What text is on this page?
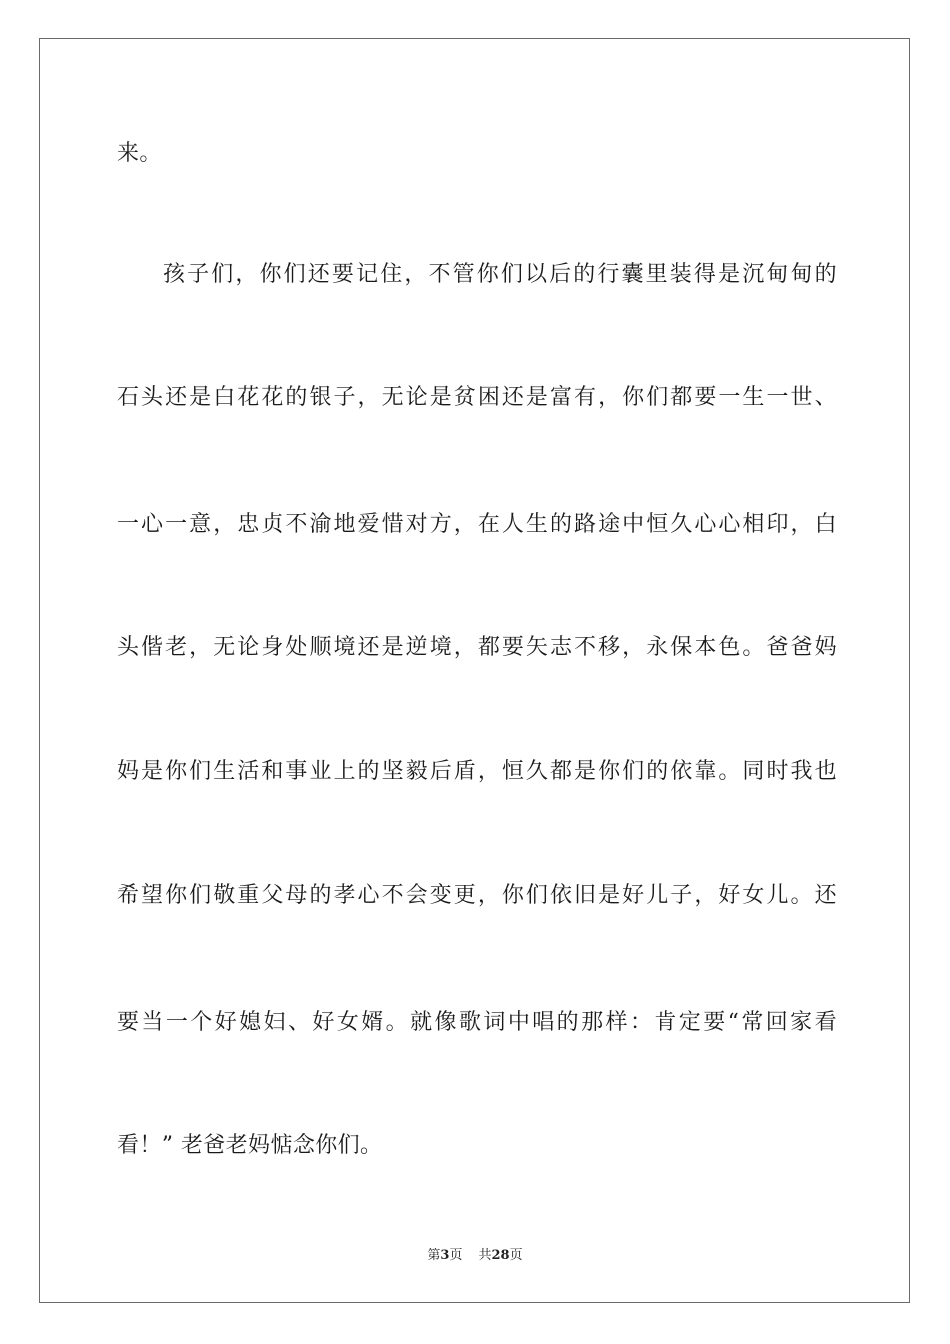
来。
孩子们，你们还要记住，不管你们以后的行囊里装得是沉甸甸的
石头还是白花花的银子，无论是贫困还是富有，你们都要一生一世、
一心一意，忠贞不渝地爱惜对方，在人生的路途中恒久心心相印，白
头偕老，无论身处顺境还是逆境，都要矢志不移，永保本色。爸爸妈
妈是你们生活和事业上的坚毅后盾，恒久都是你们的依靠。同时我也
希望你们敬重父母的孝心不会变更，你们依旧是好儿子，好女儿。还
要当一个好媳妇、好女婿。就像歌词中唱的那样：肯定要“常回家看
看！” 老爸老妈惦念你们。
第3页 共28页
